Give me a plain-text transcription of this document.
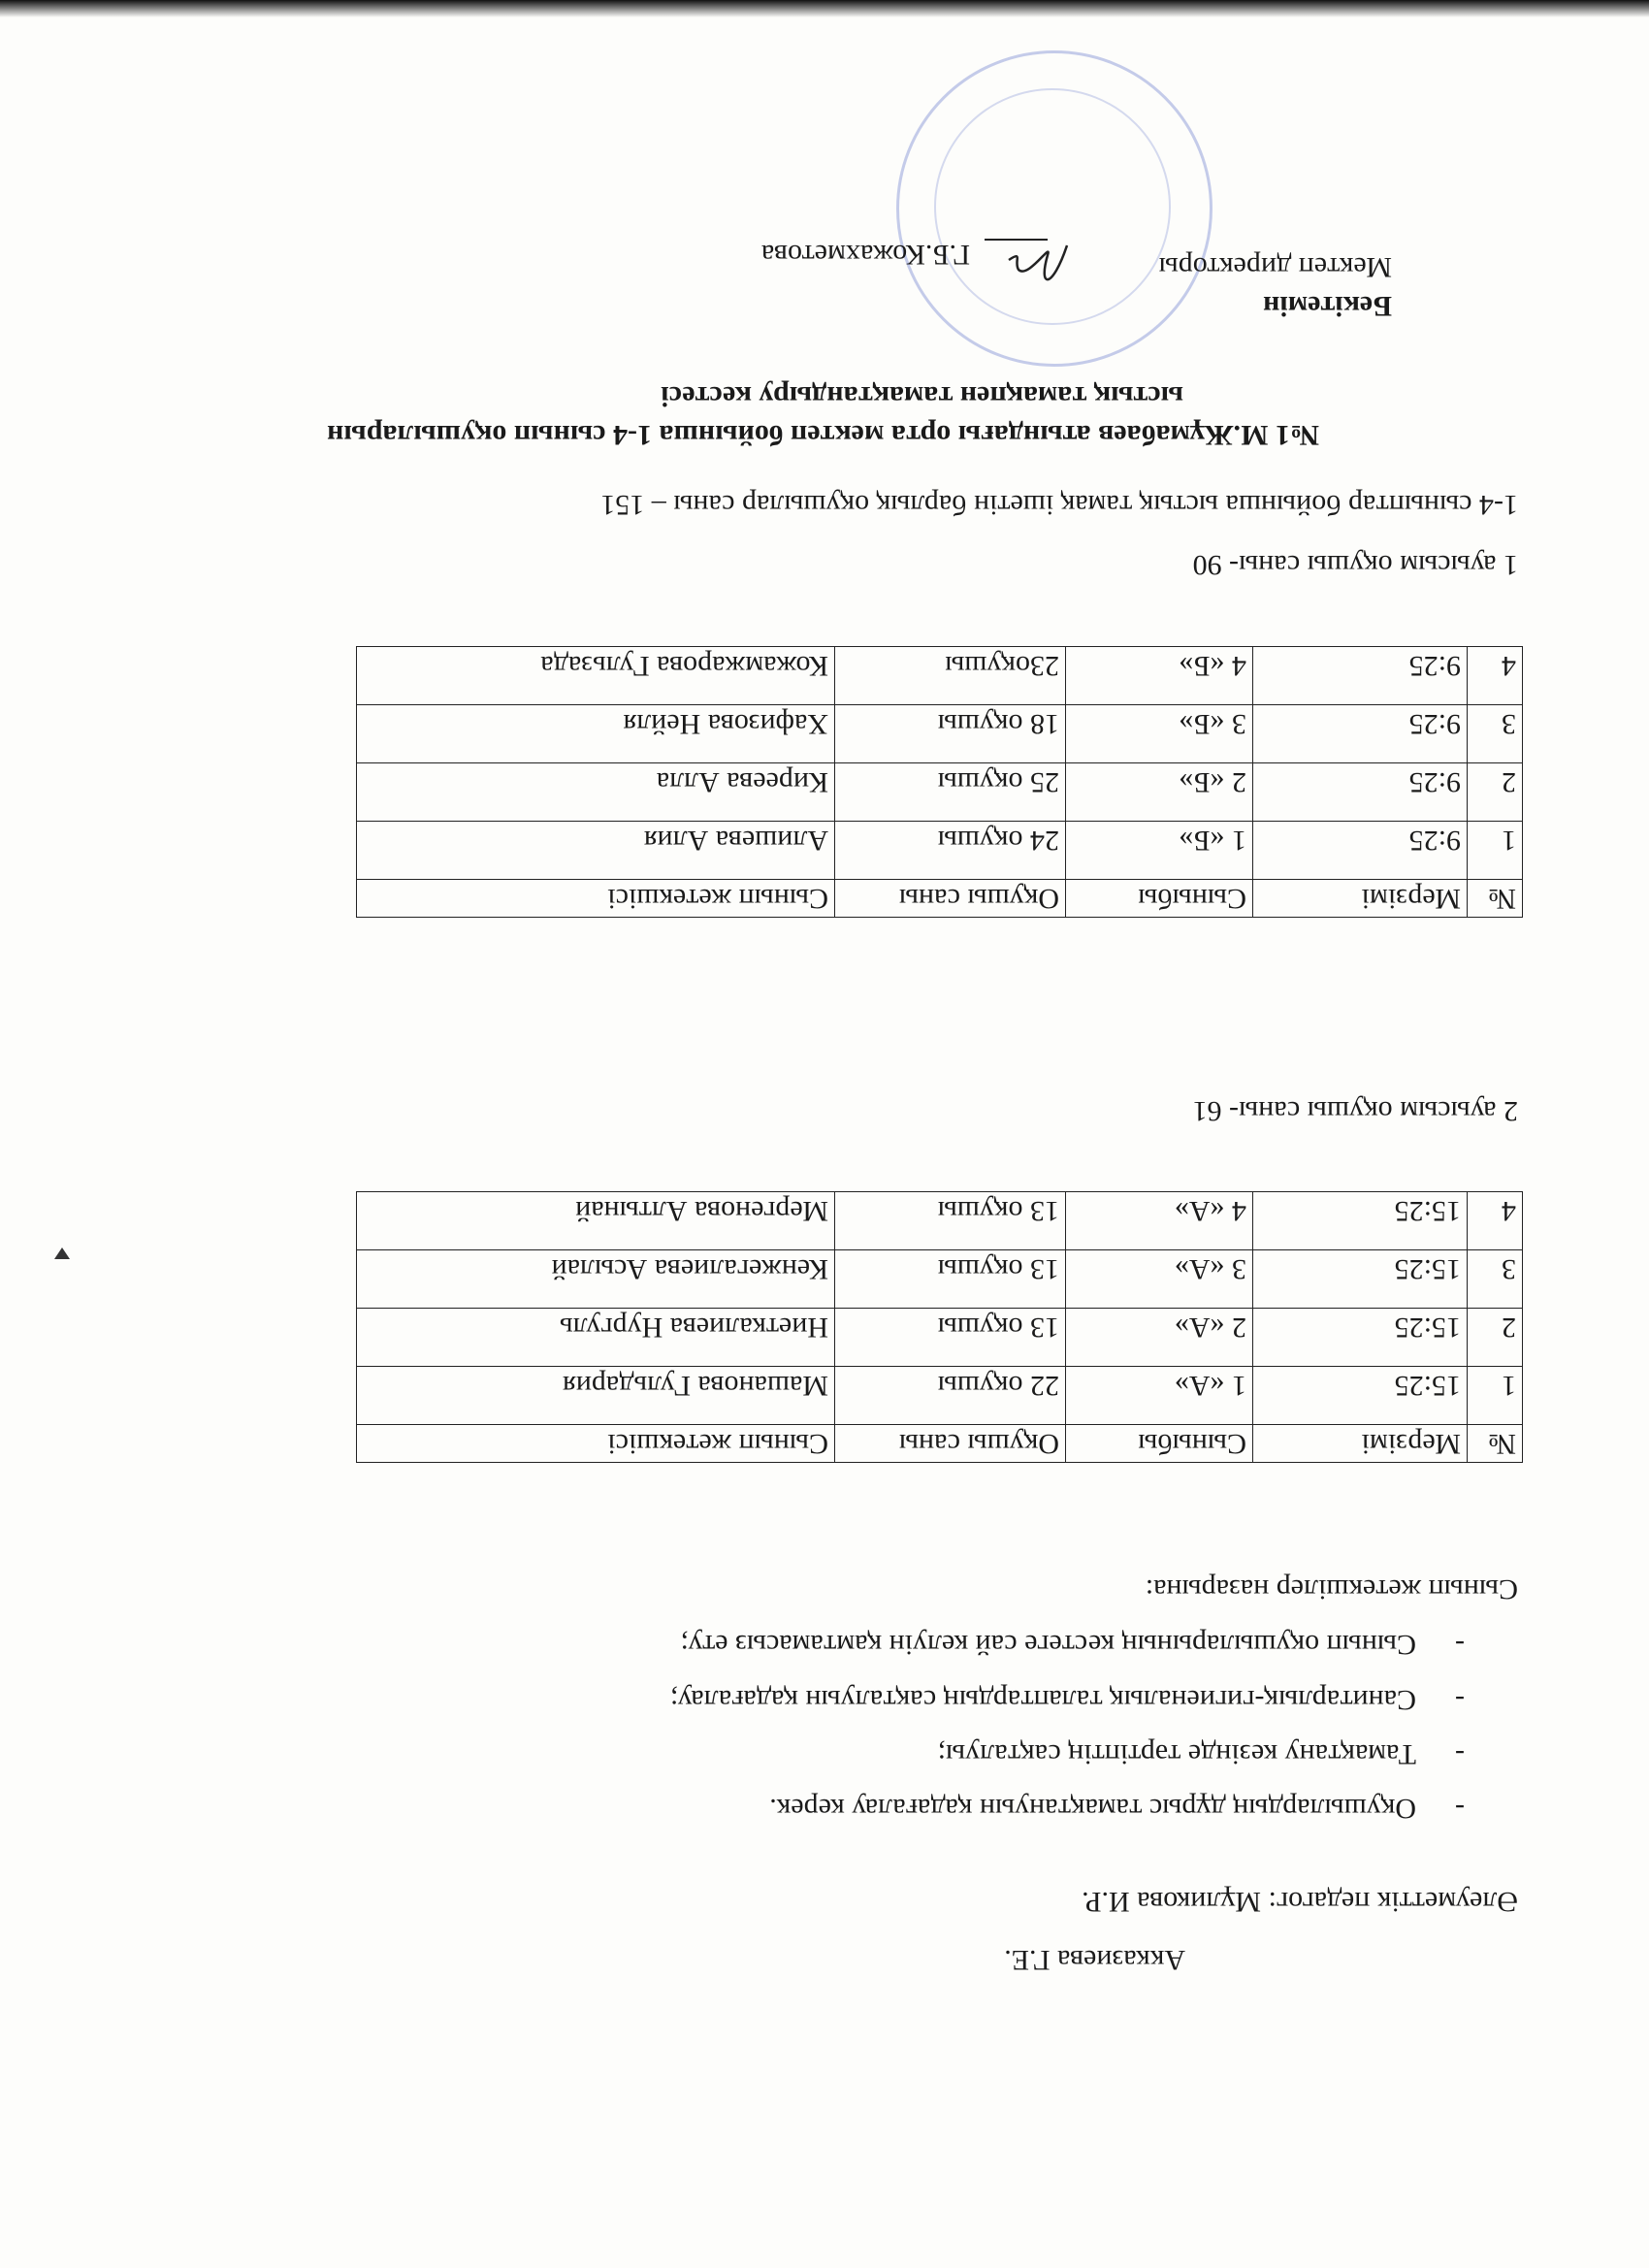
Бекітемін
Мектеп директоры
Г.Б.Кожахметова
№1 М.Жұмабаев атындағы орта мектеп бойынша 1-4 сынып оқушыларын
ыстық тамақпен тамақтандыру кестесі
1-4 сыныптар бойынша ыстық тамақ ішетін барлық оқушылар саны – 151
1 ауысым оқушы саны- 90
№	Мерзімі	Сыныбы	Оқушы саны	Сынып жетекшісі
1	9:25	1 «Б»	24 оқушы	Алишева Алия
2	9:25	2 «Б»	25 оқушы	Киреева Алла
3	9:25	3 «Б»	18 оқушы	Хафизова Нейля
4	9:25	4 «Б»	23оқушы	Кожамжарова Гульзада
2 ауысым оқушы саны- 61
№	Мерзімі	Сыныбы	Оқушы саны	Сынып жетекшісі
1	15:25	1 «А»	22 оқушы	Машанова Гульдария
2	15:25	2 «А»	13 оқушы	Ниеткалиева Нургуль
3	15:25	3 «А»	13 оқушы	Кенжегалиева Асылай
4	15:25	4 «А»	13 оқушы	Мергенова Алтынай
Сынып жетекшілер назарына:
-Сынып оқушыларының кестеге сай келуін қамтамасыз ету;
-Санитарлық-гигиеналық талаптардың сақталуын қадағалау;
-Тамақтану кезінде тәртіптің сақталуы;
-Оқушылардың дұрыс тамақтануын қадағалау керек.
Әлеуметтік педагог: Мұликова И.Р.
Акказиева Г.Е.
